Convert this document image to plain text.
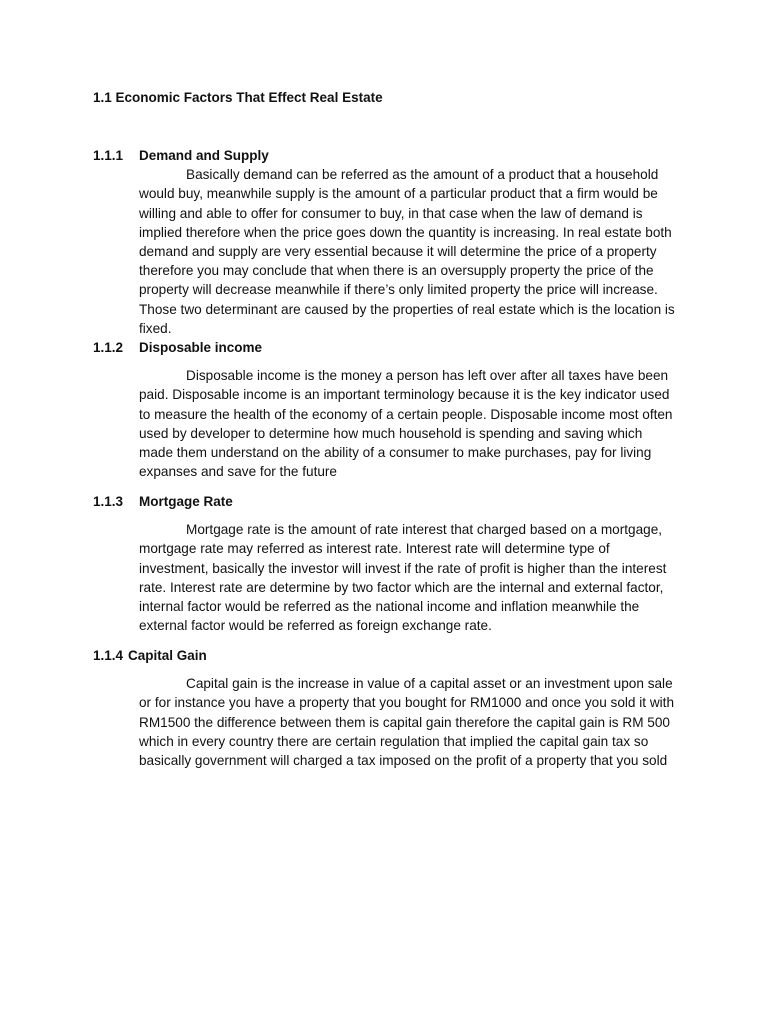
1.1 Economic Factors That Effect Real Estate
1.1.1 Demand and Supply
Basically demand can be referred as the amount of a product that a household would buy, meanwhile supply is the amount of a particular product that a firm would be willing and able to offer for consumer to buy, in that case when the law of demand is implied therefore when the price goes down the quantity is increasing. In real estate both demand and supply are very essential because it will determine the price of a property therefore you may conclude that when there is an oversupply property the price of the property will decrease meanwhile if there’s only limited property the price will increase. Those two determinant are caused by the properties of real estate which is the location is fixed.
1.1.2 Disposable income
Disposable income is the money a person has left over after all taxes have been paid. Disposable income is an important terminology because it is the key indicator used to measure the health of the economy of a certain people. Disposable income most often used by developer to determine how much household is spending and saving which made them understand on the ability of a consumer to make purchases, pay for living expanses and save for the future
1.1.3 Mortgage Rate
Mortgage rate is the amount of rate interest that charged based on a mortgage, mortgage rate may referred as interest rate. Interest rate will determine type of investment, basically the investor will invest if the rate of profit is higher than the interest rate. Interest rate are determine by two factor which are the internal and external factor, internal factor would be referred as the national income and inflation meanwhile the external factor would be referred as foreign exchange rate.
1.1.4 Capital Gain
Capital gain is the increase in value of a capital asset or an investment upon sale or for instance you have a property that you bought for RM1000 and once you sold it with RM1500 the difference between them is capital gain therefore the capital gain is RM 500 which in every country there are certain regulation that implied the capital gain tax so basically government will charged a tax imposed on the profit of a property that you sold
